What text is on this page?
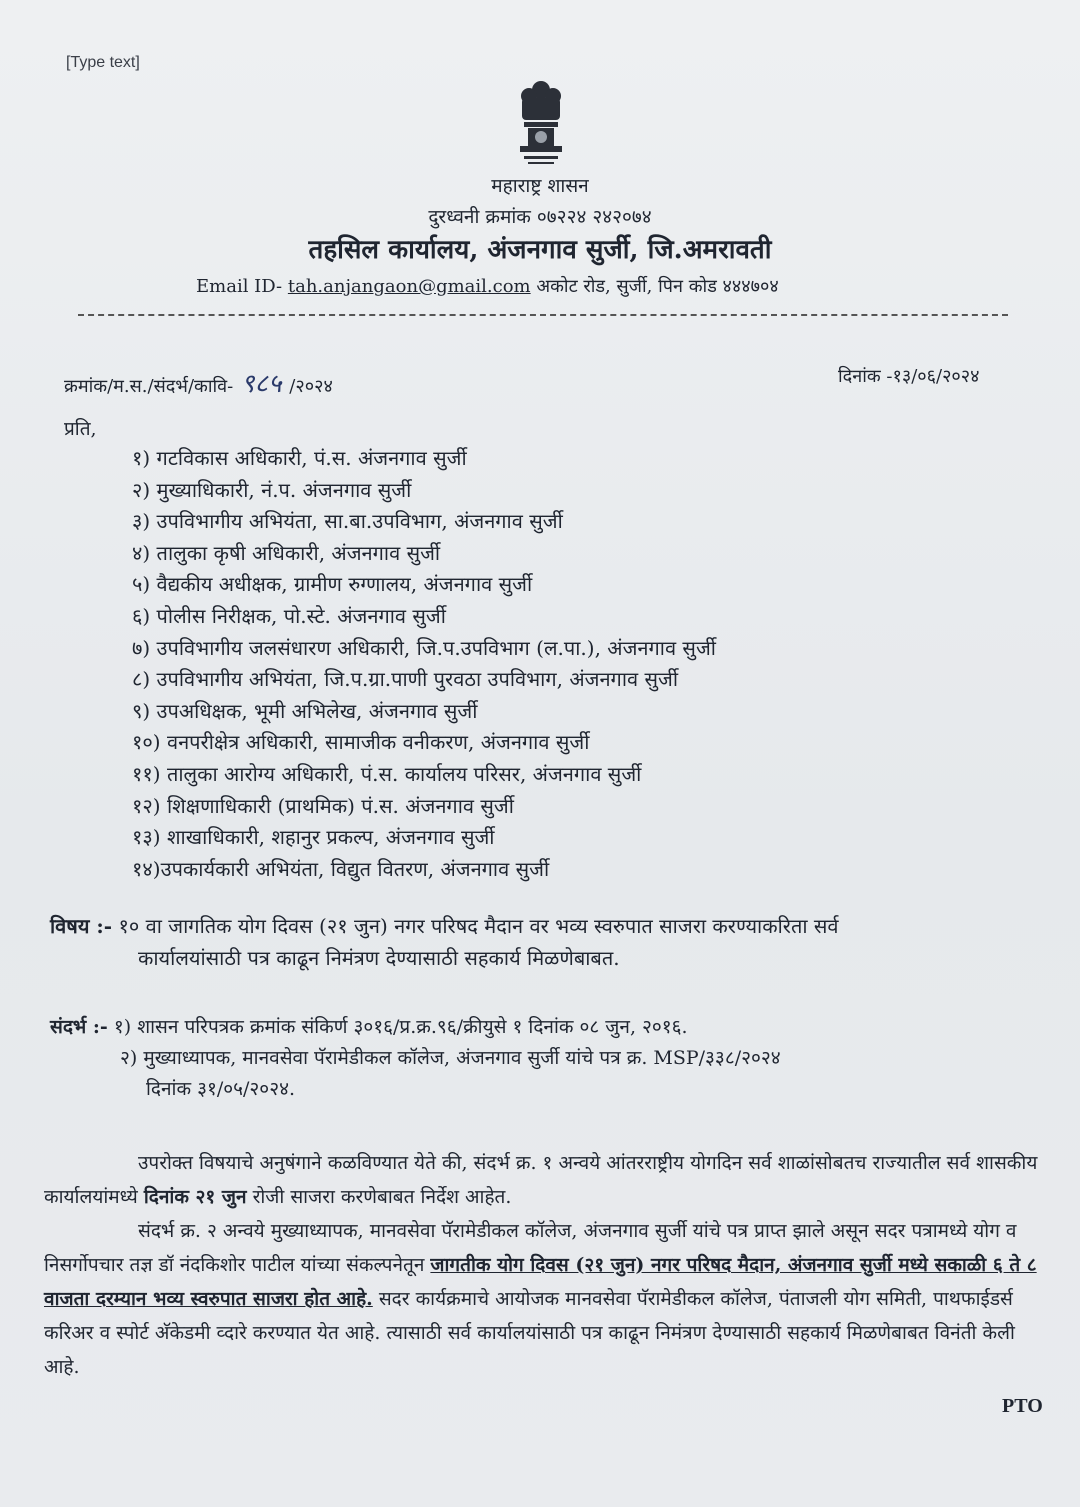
[Type text]
महाराष्ट्र शासन
दुरध्वनी क्रमांक ०७२२४ २४२०७४
तहसिल कार्यालय, अंजनगाव सुर्जी, जि.अमरावती
Email ID- tah.anjangaon@gmail.com अकोट रोड, सुर्जी, पिन कोड ४४४७०४
क्रमांक/म.स./संदर्भ/कावि- ९८५ /२०२४	दिनांक -१३/०६/२०२४
प्रति,
१) गटविकास अधिकारी, पं.स. अंजनगाव सुर्जी
२) मुख्याधिकारी, नं.प. अंजनगाव सुर्जी
३) उपविभागीय अभियंता, सा.बा.उपविभाग, अंजनगाव सुर्जी
४) तालुका कृषी अधिकारी, अंजनगाव सुर्जी
५) वैद्यकीय अधीक्षक, ग्रामीण रुग्णालय, अंजनगाव सुर्जी
६) पोलीस निरीक्षक, पो.स्टे. अंजनगाव सुर्जी
७) उपविभागीय जलसंधारण अधिकारी, जि.प.उपविभाग (ल.पा.), अंजनगाव सुर्जी
८) उपविभागीय अभियंता, जि.प.ग्रा.पाणी पुरवठा उपविभाग, अंजनगाव सुर्जी
९) उपअधिक्षक, भूमी अभिलेख, अंजनगाव सुर्जी
१०) वनपरीक्षेत्र अधिकारी, सामाजीक वनीकरण, अंजनगाव सुर्जी
११) तालुका आरोग्य अधिकारी, पं.स. कार्यालय परिसर, अंजनगाव सुर्जी
१२) शिक्षणाधिकारी (प्राथमिक) पं.स. अंजनगाव सुर्जी
१३) शाखाधिकारी, शहानुर प्रकल्प, अंजनगाव सुर्जी
१४)उपकार्यकारी अभियंता, विद्युत वितरण, अंजनगाव सुर्जी
विषय :- १० वा जागतिक योग दिवस (२१ जुन) नगर परिषद मैदान वर भव्य स्वरुपात साजरा करण्याकरिता सर्व
कार्यालयांसाठी पत्र काढून निमंत्रण देण्यासाठी सहकार्य मिळणेबाबत.
संदर्भ :- १) शासन परिपत्रक क्रमांक संकिर्ण ३०१६/प्र.क्र.९६/क्रीयुसे १ दिनांक ०८ जुन, २०१६.
२) मुख्याध्यापक, मानवसेवा पॅरामेडीकल कॉलेज, अंजनगाव सुर्जी यांचे पत्र क्र. MSP/३३८/२०२४
दिनांक ३१/०५/२०२४.

उपरोक्त विषयाचे अनुषंगाने कळविण्यात येते की, संदर्भ क्र. १ अन्वये आंतरराष्ट्रीय योगदिन सर्व शाळांसोबतच राज्यातील सर्व शासकीय कार्यालयांमध्ये दिनांक २१ जुन रोजी साजरा करणेबाबत निर्देश आहेत.

संदर्भ क्र. २ अन्वये मुख्याध्यापक, मानवसेवा पॅरामेडीकल कॉलेज, अंजनगाव सुर्जी यांचे पत्र प्राप्त झाले असून सदर पत्रामध्ये योग व निसर्गोपचार तज्ञ डॉ नंदकिशोर पाटील यांच्या संकल्पनेतून जागतीक योग दिवस (२१ जुन) नगर परिषद मैदान, अंजनगाव सुर्जी मध्ये सकाळी ६ ते ८ वाजता दरम्यान भव्य स्वरुपात साजरा होत आहे. सदर कार्यक्रमाचे आयोजक मानवसेवा पॅरामेडीकल कॉलेज, पंताजली योग समिती, पाथफाईडर्स करिअर व स्पोर्ट अ‍ॅकेडमी व्दारे करण्यात येत आहे. त्यासाठी सर्व कार्यालयांसाठी पत्र काढून निमंत्रण देण्यासाठी सहकार्य मिळणेबाबत विनंती केली आहे.

PTO
